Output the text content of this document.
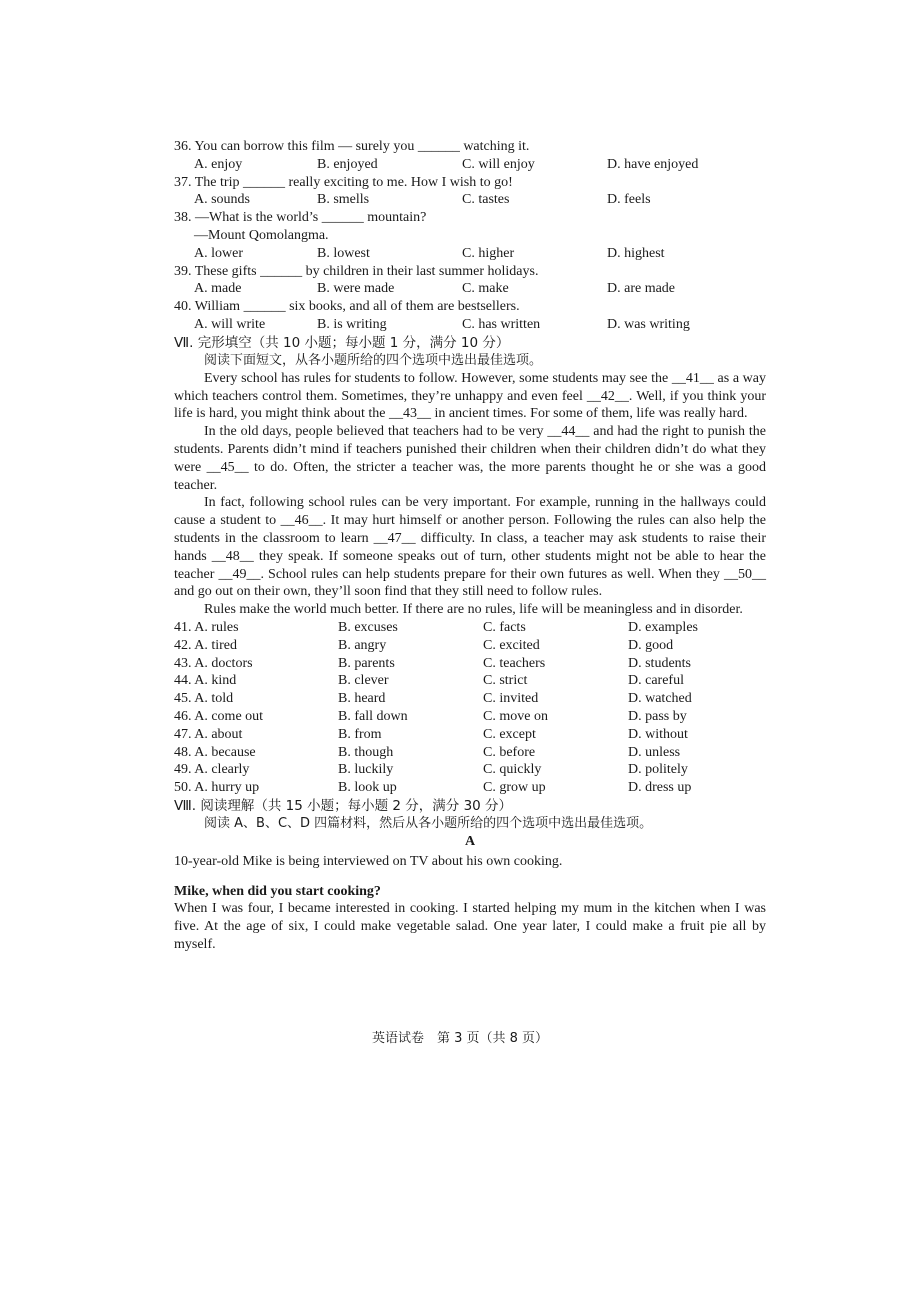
36. You can borrow this film — surely you ______ watching it.
A. enjoy	B. enjoyed	C. will enjoy	D. have enjoyed
37. The trip ______ really exciting to me. How I wish to go!
A. sounds	B. smells	C. tastes	D. feels
38. —What is the world’s ______ mountain?
—Mount Qomolangma.
A. lower	B. lowest	C. higher	D. highest
39. These gifts ______ by children in their last summer holidays.
A. made	B. were made	C. make	D. are made
40. William ______ six books, and all of them are bestsellers.
A. will write	B. is writing	C. has written	D. was writing
Ⅶ. 完形填空（共 10 小题；每小题 1 分，满分 10 分）
阅读下面短文，从各小题所给的四个选项中选出最佳选项。

Every school has rules for students to follow. However, some students may see the __41__ as a way which teachers control them. Sometimes, they’re unhappy and even feel __42__. Well, if you think your life is hard, you might think about the __43__ in ancient times. For some of them, life was really hard.

In the old days, people believed that teachers had to be very __44__ and had the right to punish the students. Parents didn’t mind if teachers punished their children when their children didn’t do what they were __45__ to do. Often, the stricter a teacher was, the more parents thought he or she was a good teacher.

In fact, following school rules can be very important. For example, running in the hallways could cause a student to __46__. It may hurt himself or another person. Following the rules can also help the students in the classroom to learn __47__ difficulty. In class, a teacher may ask students to raise their hands __48__ they speak. If someone speaks out of turn, other students might not be able to hear the teacher __49__. School rules can help students prepare for their own futures as well. When they __50__ and go out on their own, they’ll soon find that they still need to follow rules.

Rules make the world much better. If there are no rules, life will be meaningless and in disorder.

41. A. rules	B. excuses	C. facts	D. examples
42. A. tired	B. angry	C. excited	D. good
43. A. doctors	B. parents	C. teachers	D. students
44. A. kind	B. clever	C. strict	D. careful
45. A. told	B. heard	C. invited	D. watched
46. A. come out	B. fall down	C. move on	D. pass by
47. A. about	B. from	C. except	D. without
48. A. because	B. though	C. before	D. unless
49. A. clearly	B. luckily	C. quickly	D. politely
50. A. hurry up	B. look up	C. grow up	D. dress up
Ⅷ. 阅读理解（共 15 小题；每小题 2 分，满分 30 分）
阅读 A、B、C、D 四篇材料，然后从各小题所给的四个选项中选出最佳选项。
A
10-year-old Mike is being interviewed on TV about his own cooking.
Mike, when did you start cooking?

When I was four, I became interested in cooking. I started helping my mum in the kitchen when I was five. At the age of six, I could make vegetable salad. One year later, I could make a fruit pie all by myself.

英语试卷　第 3 页（共 8 页）
